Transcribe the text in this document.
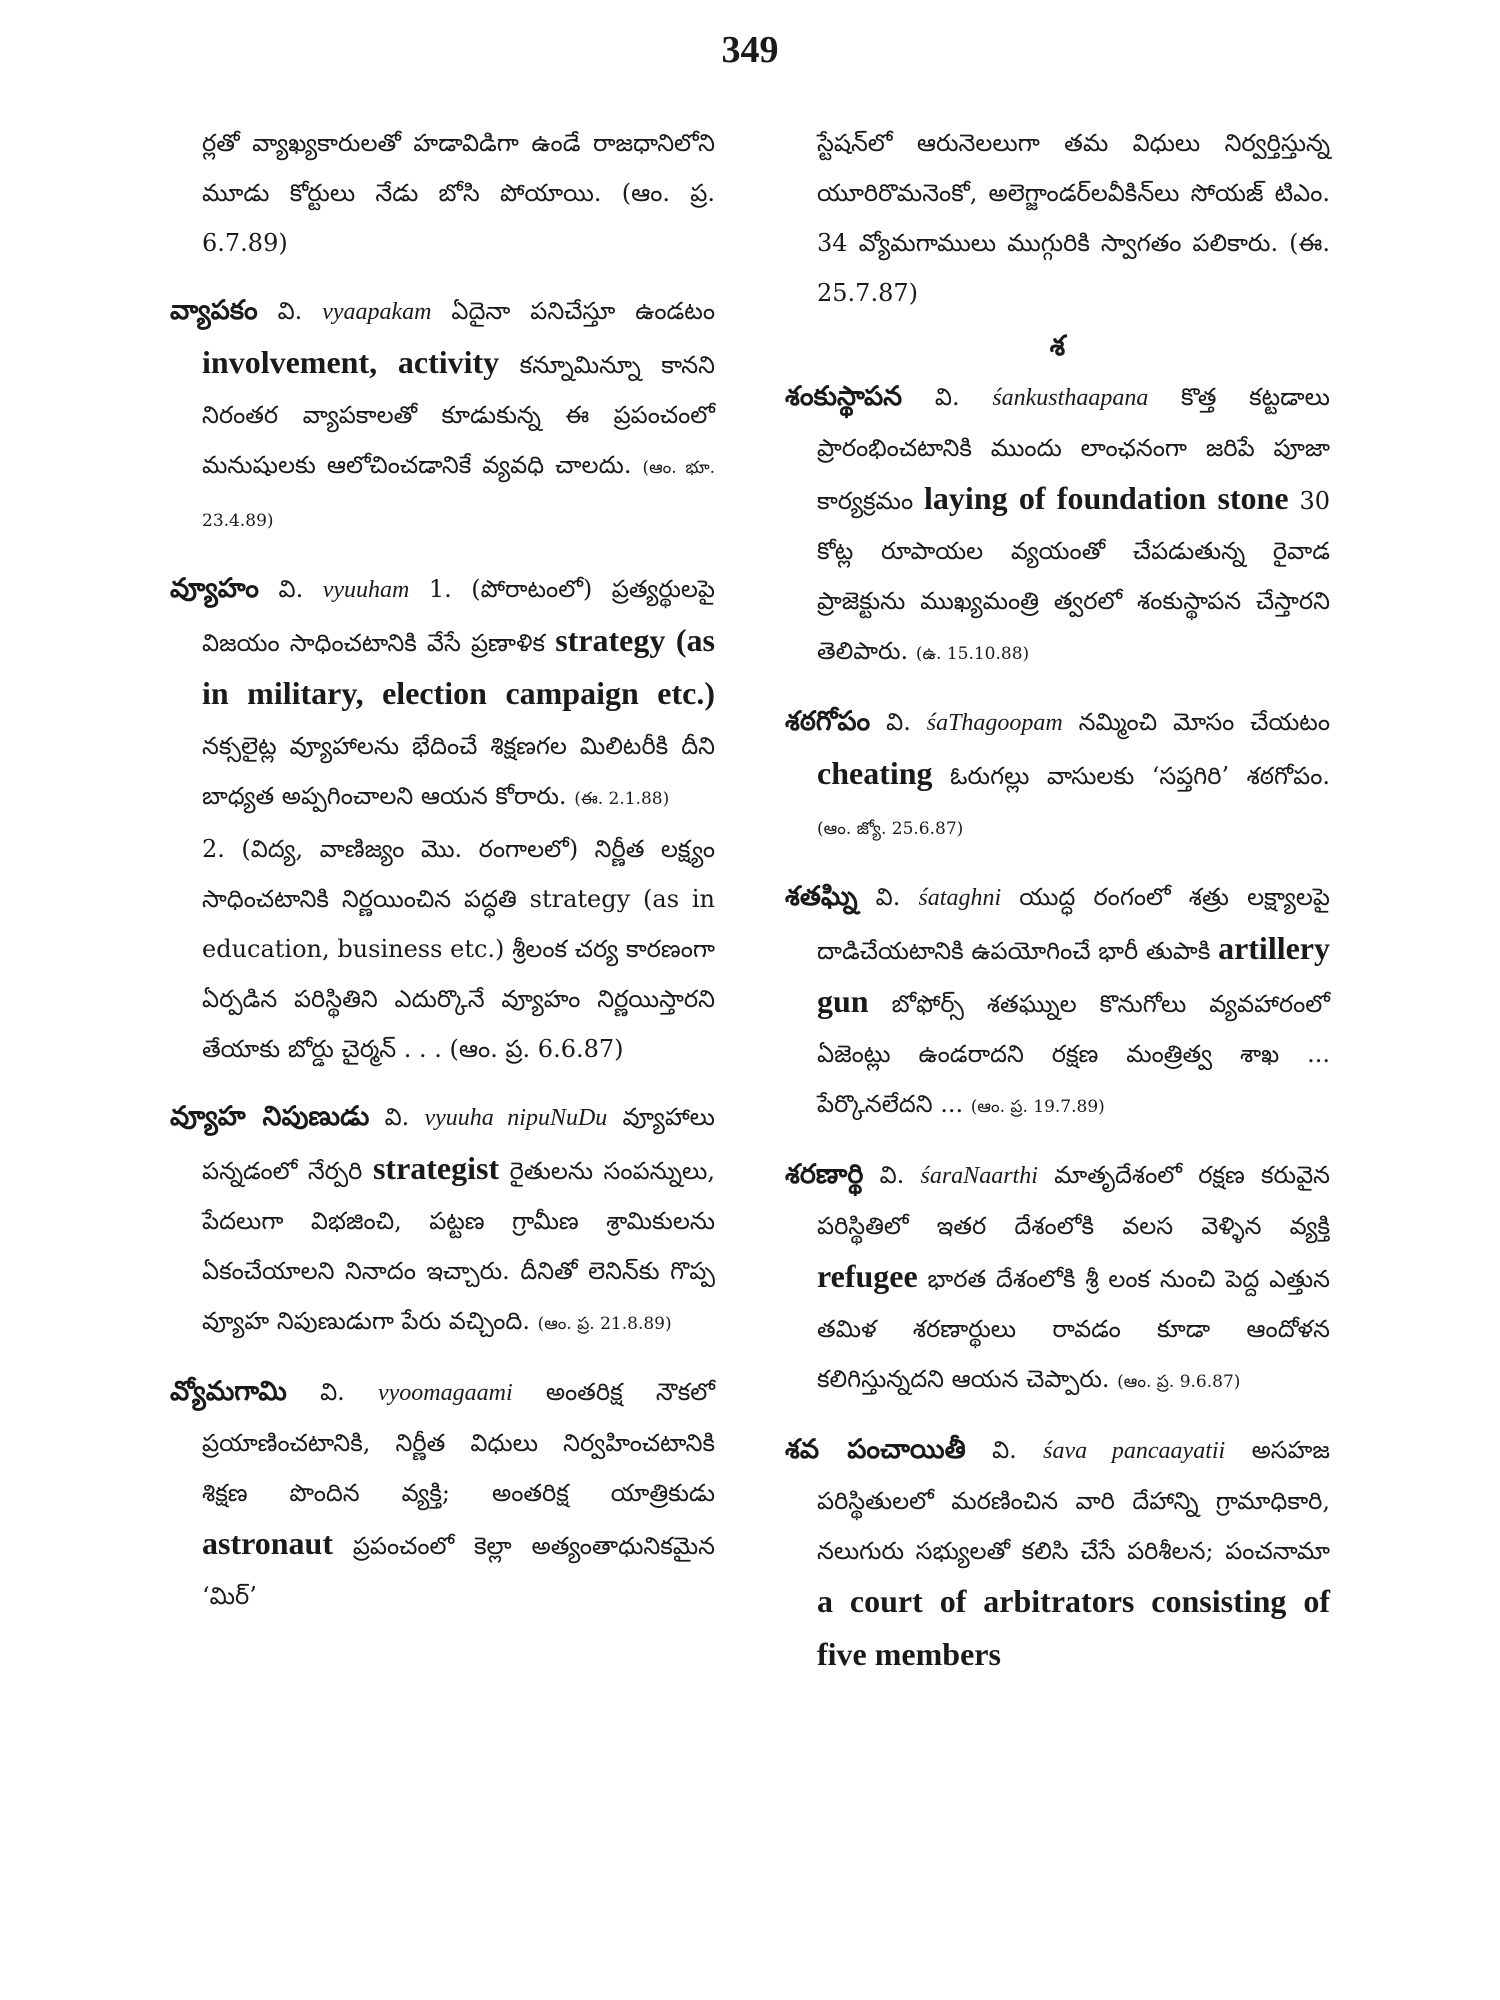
349

ర్లతో వ్యాఖ్యకారులతో హడావిడిగా ఉండే రాజధానిలోని మూడు కోర్టులు నేడు బోసి పోయాయి. (ఆం. ప్ర. 6.7.89)

వ్యాపకం వి. vyaapakam ఏదైనా పనిచేస్తూ ఉండటం involvement, activity కన్నూమిన్నూ కానని నిరంతర వ్యాపకాలతో కూడుకున్న ఈ ప్రపంచంలో మనుషులకు ఆలోచించడానికే వ్యవధి చాలదు. (ఆం. భూ. 23.4.89)

వ్యూహం వి. vyuuham 1. (పోరాటంలో) ప్రత్యర్థులపై విజయం సాధించటానికి వేసే ప్రణాళిక strategy (as in military, election campaign etc.) నక్సలైట్ల వ్యూహాలను భేదించే శిక్షణగల మిలిటరీకి దీని బాధ్యత అప్పగించాలని ఆయన కోరారు. (ఈ. 2.1.88)

2. (విద్య, వాణిజ్యం మొ. రంగాలలో) నిర్ణీత లక్ష్యం సాధించటానికి నిర్ణయించిన పద్ధతి strategy (as in education, business etc.) శ్రీలంక చర్య కారణంగా ఏర్పడిన పరిస్థితిని ఎదుర్కొనే వ్యూహం నిర్ణయిస్తారని తేయాకు బోర్డు చైర్మన్ . . . (ఆం. ప్ర. 6.6.87)

వ్యూహ నిపుణుడు వి. vyuuha nipuNuDu వ్యూహాలు పన్నడంలో నేర్పరి strategist రైతులను సంపన్నులు, పేదలుగా విభజించి, పట్టణ గ్రామీణ శ్రామికులను ఏకంచేయాలని నినాదం ఇచ్చారు. దీనితో లెనిన్‌కు గొప్ప వ్యూహ నిపుణుడుగా పేరు వచ్చింది. (ఆం. ప్ర. 21.8.89)

వ్యోమగామి వి. vyoomagaami అంతరిక్ష నౌకలో ప్రయాణించటానికి, నిర్ణీత విధులు నిర్వహించటానికి శిక్షణ పొందిన వ్యక్తి; అంతరిక్ష యాత్రికుడు astronaut ప్రపంచంలో కెల్లా అత్యంతాధునికమైన ‘మిర్’

స్టేషన్‌లో ఆరునెలలుగా తమ విధులు నిర్వర్తిస్తున్న యూరిరొమనెంకో, అలెగ్జాండర్‌లవీకిన్‌లు సోయజ్ టిఎం. 34 వ్యోమగాములు ముగ్గురికి స్వాగతం పలికారు. (ఈ. 25.7.87)

శ

శంకుస్థాపన వి. śankusthaapana కొత్త కట్టడాలు ప్రారంభించటానికి ముందు లాంఛనంగా జరిపే పూజా కార్యక్రమం laying of foundation stone 30 కోట్ల రూపాయల వ్యయంతో చేపడుతున్న రైవాడ ప్రాజెక్టును ముఖ్యమంత్రి త్వరలో శంకుస్థాపన చేస్తారని తెలిపారు. (ఉ. 15.10.88)

శఠగోపం వి. śaThagoopam నమ్మించి మోసం చేయటం cheating ఓరుగల్లు వాసులకు ‘సప్తగిరి’ శఠగోపం. (ఆం. జ్యో. 25.6.87)

శతఘ్ని వి. śataghni యుద్ధ రంగంలో శత్రు లక్ష్యాలపై దాడిచేయటానికి ఉపయోగించే భారీ తుపాకి artillery gun బోఫోర్స్ శతఘ్నుల కొనుగోలు వ్యవహారంలో ఏజెంట్లు ఉండరాదని రక్షణ మంత్రిత్వ శాఖ ... పేర్కొనలేదని ... (ఆం. ప్ర. 19.7.89)

శరణార్థి వి. śaraNaarthi మాతృదేశంలో రక్షణ కరువైన పరిస్థితిలో ఇతర దేశంలోకి వలస వెళ్ళిన వ్యక్తి refugee భారత దేశంలోకి శ్రీ లంక నుంచి పెద్ద ఎత్తున తమిళ శరణార్థులు రావడం కూడా ఆందోళన కలిగిస్తున్నదని ఆయన చెప్పారు. (ఆం. ప్ర. 9.6.87)

శవ పంచాయితీ వి. śava pancaayatii అసహజ పరిస్థితులలో మరణించిన వారి దేహాన్ని గ్రామాధికారి, నలుగురు సభ్యులతో కలిసి చేసే పరిశీలన; పంచనామా a court of arbitrators consisting of five members
